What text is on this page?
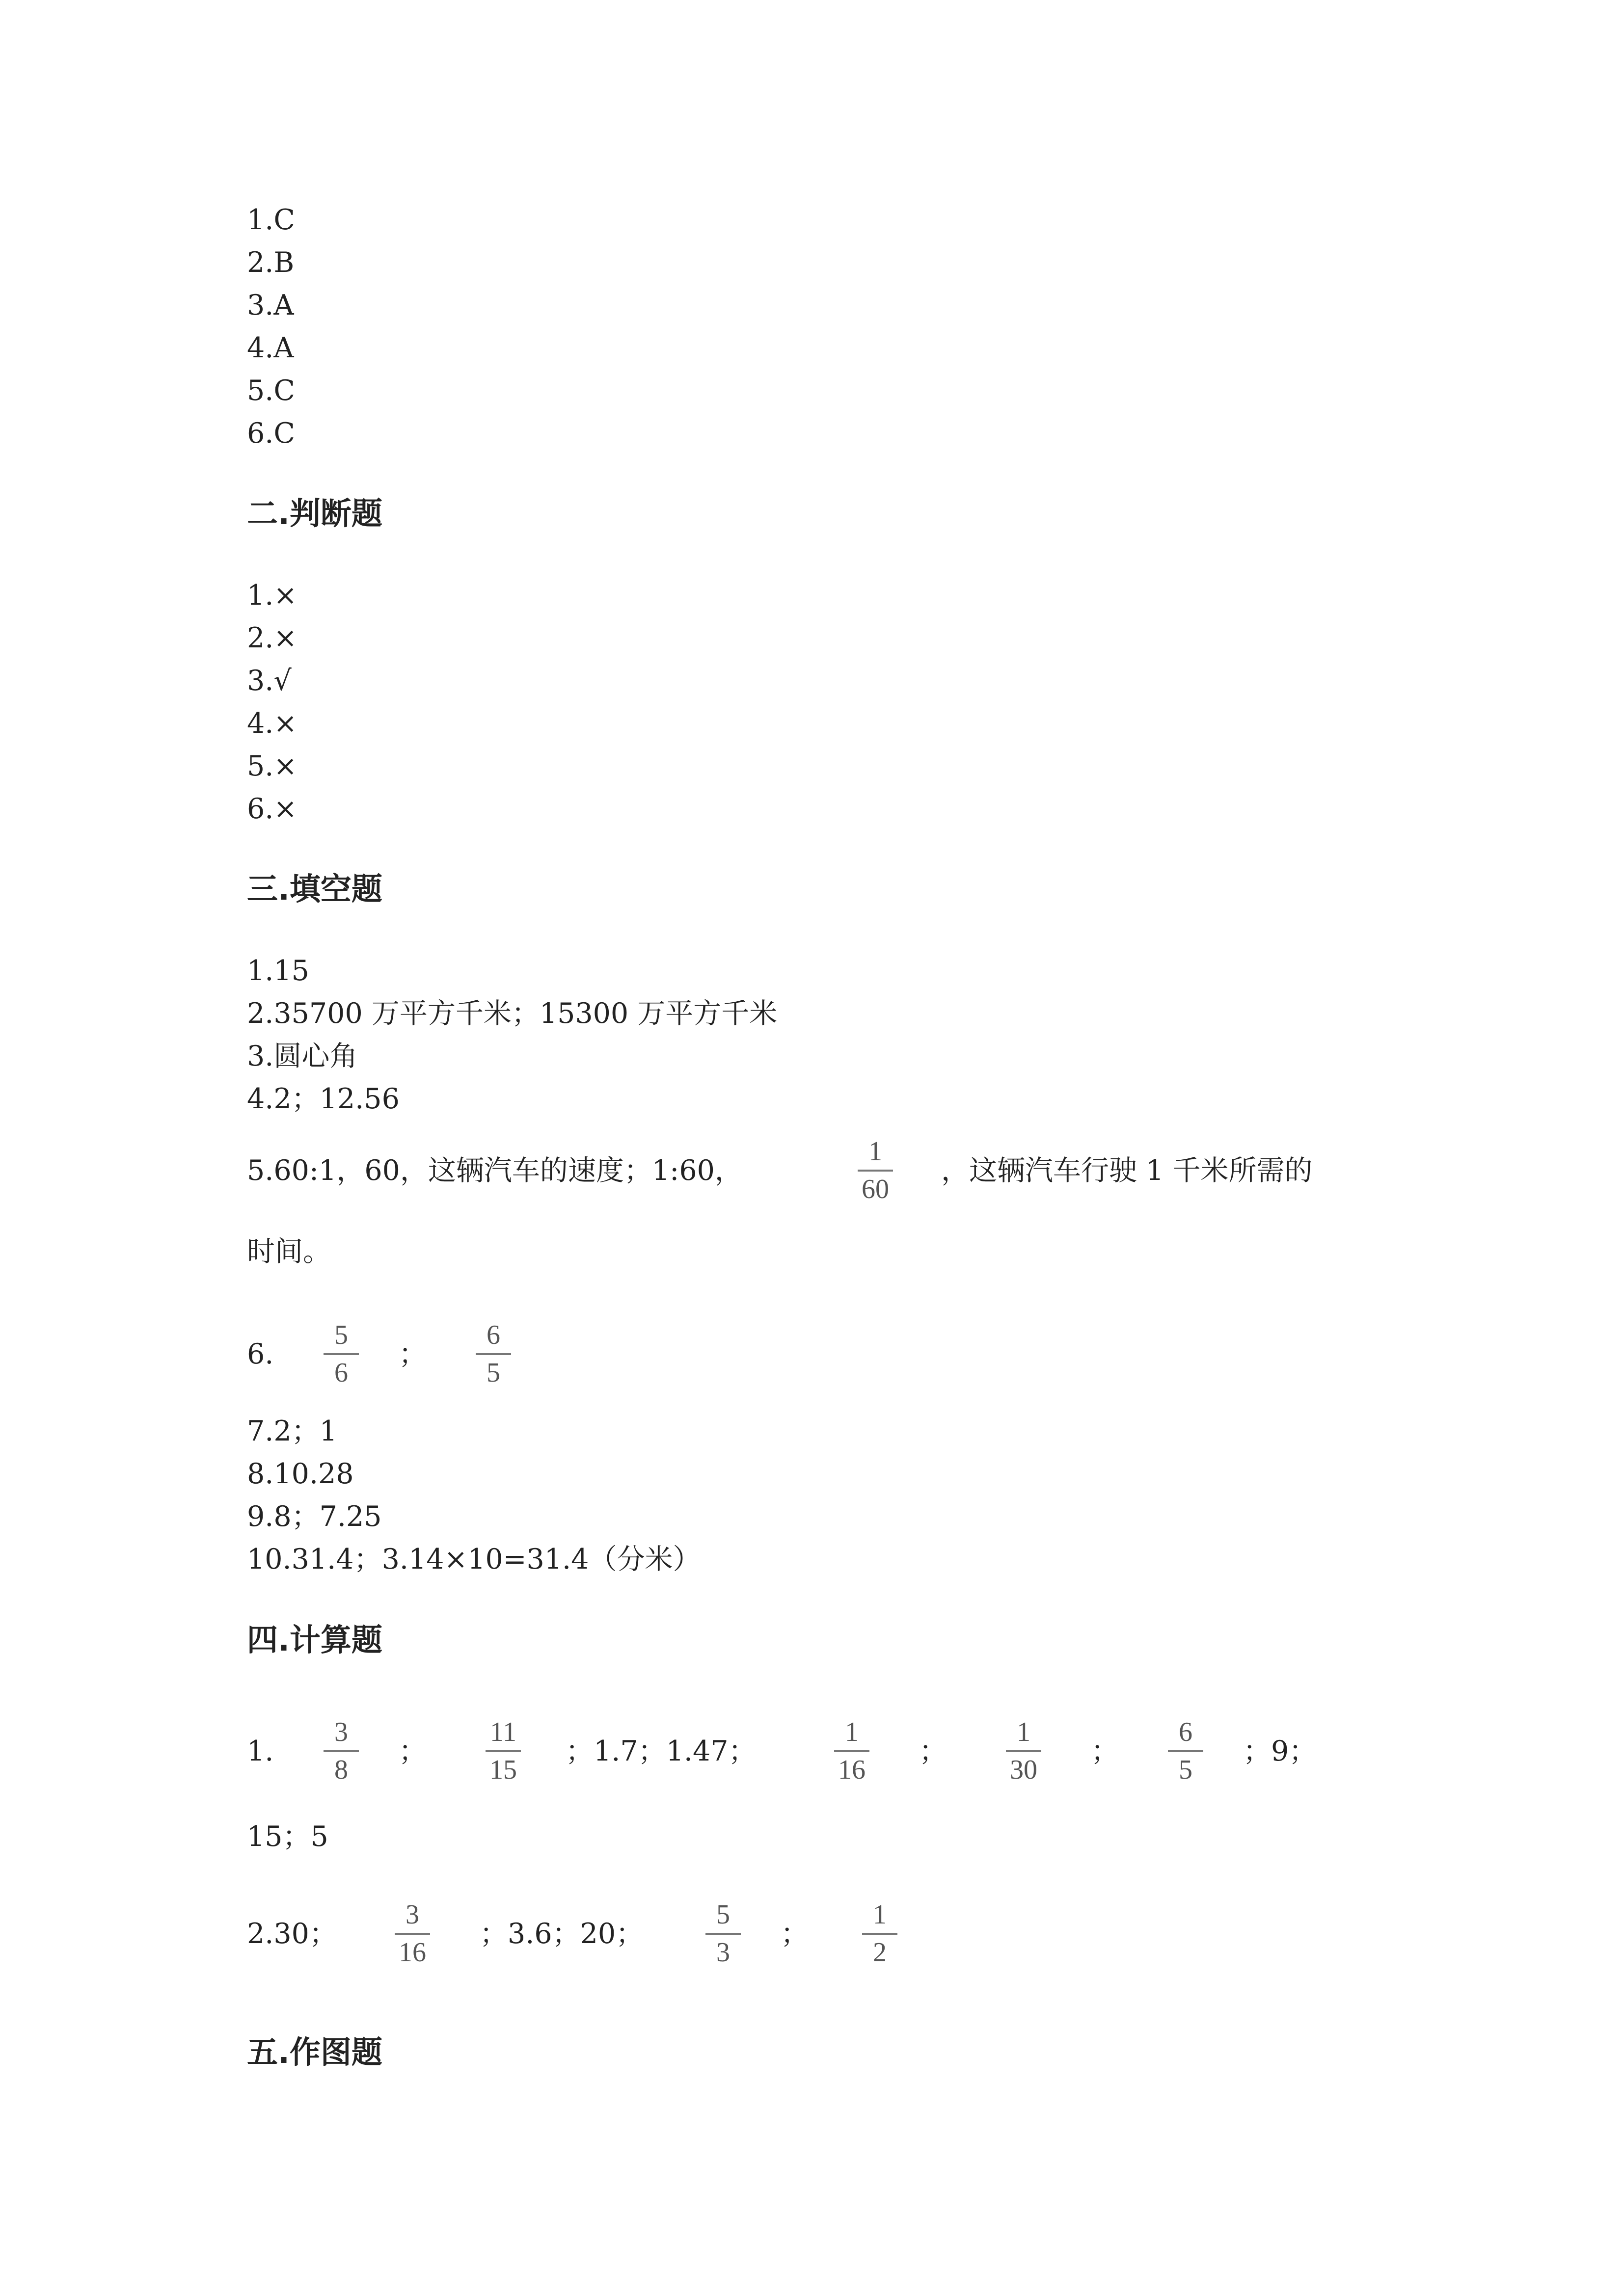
1.C
2.B
3.A
4.A
5.C
6.C
二.判断题
1.×
2.×
3.√
4.×
5.×
6.×
三.填空题
1.15
2.35700 万平方千米；15300 万平方千米
3.圆心角
4.2；12.56
5.60:1，60，这辆汽车的速度；1:60，
1
60
，这辆汽车行驶 1 千米所需的
时间。
6.
5
6
；
6
5
7.2；1
8.10.28
9.8；7.25
10.31.4；3.14×10=31.4（分米）
四.计算题
1.
3
8
；
11
15
；1.7；1.47；
1
16
；
1
30
；
6
5
；9；
15；5
2.30；
3
16
；3.6；20；
5
3
；
1
2
五.作图题
